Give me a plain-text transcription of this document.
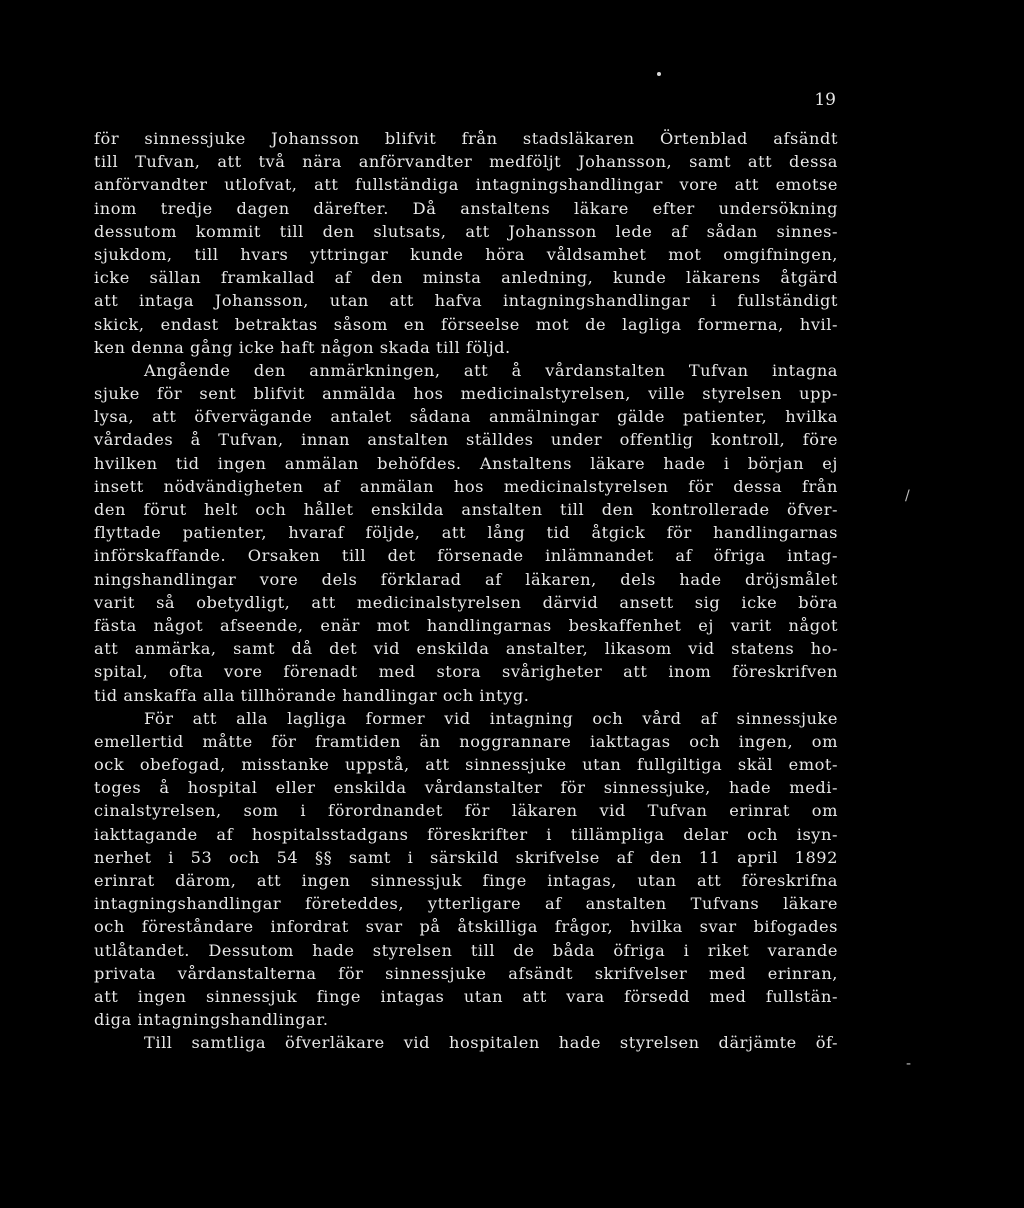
19
för sinnessjuke Johansson blifvit från stadsläkaren Örtenblad afsändt
till Tufvan, att två nära anförvandter medföljt Johansson, samt att dessa
anförvandter utlofvat, att fullständiga intagningshandlingar vore att emotse
inom tredje dagen därefter. Då anstaltens läkare efter undersökning
dessutom kommit till den slutsats, att Johansson lede af sådan sinnes-
sjukdom, till hvars yttringar kunde höra våldsamhet mot omgifningen,
icke sällan framkallad af den minsta anledning, kunde läkarens åtgärd
att intaga Johansson, utan att hafva intagningshandlingar i fullständigt
skick, endast betraktas såsom en förseelse mot de lagliga formerna, hvil-
ken denna gång icke haft någon skada till följd.
Angående den anmärkningen, att å vårdanstalten Tufvan intagna
sjuke för sent blifvit anmälda hos medicinalstyrelsen, ville styrelsen upp-
lysa, att öfvervägande antalet sådana anmälningar gälde patienter, hvilka
vårdades å Tufvan, innan anstalten ställdes under offentlig kontroll, före
hvilken tid ingen anmälan behöfdes. Anstaltens läkare hade i början ej
insett nödvändigheten af anmälan hos medicinalstyrelsen för dessa från
den förut helt och hållet enskilda anstalten till den kontrollerade öfver-
flyttade patienter, hvaraf följde, att lång tid åtgick för handlingarnas
införskaffande. Orsaken till det försenade inlämnandet af öfriga intag-
ningshandlingar vore dels förklarad af läkaren, dels hade dröjsmålet
varit så obetydligt, att medicinalstyrelsen därvid ansett sig icke böra
fästa något afseende, enär mot handlingarnas beskaffenhet ej varit något
att anmärka, samt då det vid enskilda anstalter, likasom vid statens ho-
spital, ofta vore förenadt med stora svårigheter att inom föreskrifven
tid anskaffa alla tillhörande handlingar och intyg.
För att alla lagliga former vid intagning och vård af sinnessjuke
emellertid måtte för framtiden än noggrannare iakttagas och ingen, om
ock obefogad, misstanke uppstå, att sinnessjuke utan fullgiltiga skäl emot-
toges å hospital eller enskilda vårdanstalter för sinnessjuke, hade medi-
cinalstyrelsen, som i förordnandet för läkaren vid Tufvan erinrat om
iakttagande af hospitalsstadgans föreskrifter i tillämpliga delar och isyn-
nerhet i 53 och 54 §§ samt i särskild skrifvelse af den 11 april 1892
erinrat därom, att ingen sinnessjuk finge intagas, utan att föreskrifna
intagningshandlingar företeddes, ytterligare af anstalten Tufvans läkare
och föreståndare infordrat svar på åtskilliga frågor, hvilka svar bifogades
utlåtandet. Dessutom hade styrelsen till de båda öfriga i riket varande
privata vårdanstalterna för sinnessjuke afsändt skrifvelser med erinran,
att ingen sinnessjuk finge intagas utan att vara försedd med fullstän-
diga intagningshandlingar.
Till samtliga öfverläkare vid hospitalen hade styrelsen därjämte öf-
/
-
